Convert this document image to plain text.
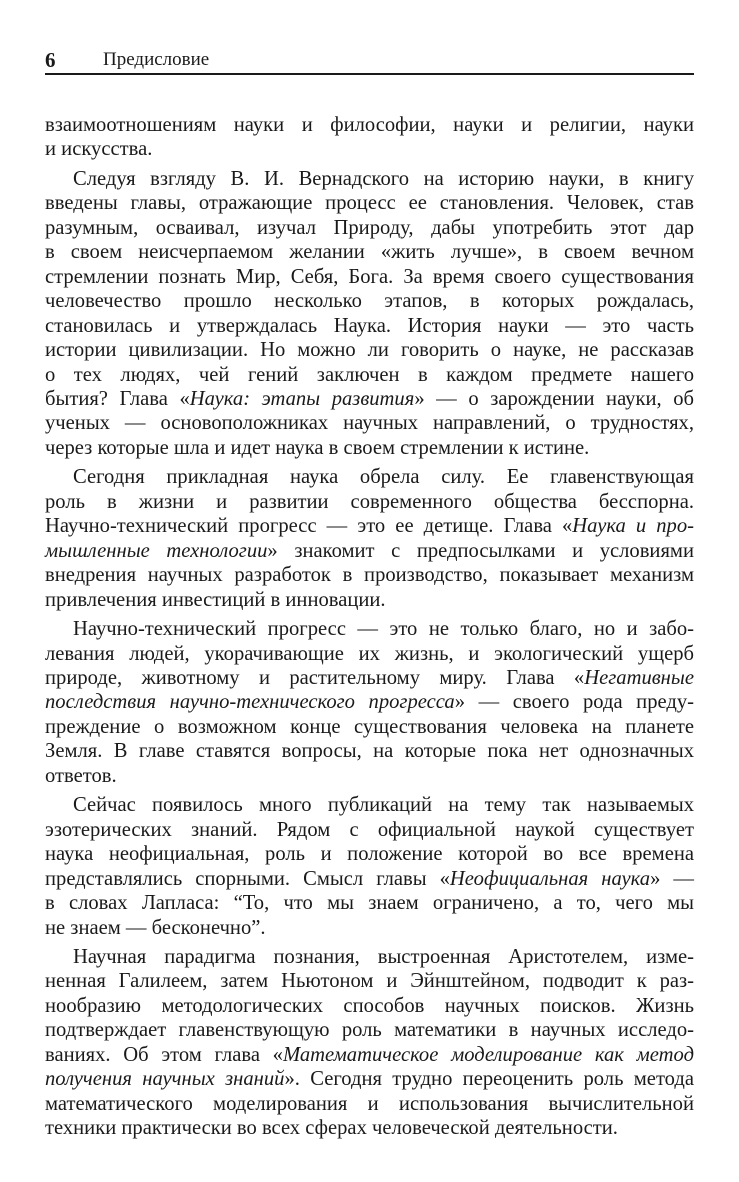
6	Предисловие
взаимоотношениям науки и философии, науки и религии, науки
и искусства.
Следуя взгляду В. И. Вернадского на историю науки, в книгу
введены главы, отражающие процесс ее становления. Человек, став
разумным, осваивал, изучал Природу, дабы употребить этот дар
в своем неисчерпаемом желании «жить лучше», в своем вечном
стремлении познать Мир, Себя, Бога. За время своего существования
человечество прошло несколько этапов, в которых рождалась,
становилась и утверждалась Наука. История науки — это часть
истории цивилизации. Но можно ли говорить о науке, не рассказав
о тех людях, чей гений заключен в каждом предмете нашего
бытия? Глава «Наука: этапы развития» — о зарождении науки, об
ученых — основоположниках научных направлений, о трудностях,
через которые шла и идет наука в своем стремлении к истине.
Сегодня прикладная наука обрела силу. Ее главенствующая
роль в жизни и развитии современного общества бесспорна.
Научно-технический прогресс — это ее детище. Глава «Наука и про-
мышленные технологии» знакомит с предпосылками и условиями
внедрения научных разработок в производство, показывает механизм
привлечения инвестиций в инновации.
Научно-технический прогресс — это не только благо, но и забо-
левания людей, укорачивающие их жизнь, и экологический ущерб
природе, животному и растительному миру. Глава «Негативные
последствия научно-технического прогресса» — своего рода преду-
преждение о возможном конце существования человека на планете
Земля. В главе ставятся вопросы, на которые пока нет однозначных
ответов.
Сейчас появилось много публикаций на тему так называемых
эзотерических знаний. Рядом с официальной наукой существует
наука неофициальная, роль и положение которой во все времена
представлялись спорными. Смысл главы «Неофициальная наука» —
в словах Лапласа: “То, что мы знаем ограничено, а то, чего мы
не знаем — бесконечно”.
Научная парадигма познания, выстроенная Аристотелем, изме-
ненная Галилеем, затем Ньютоном и Эйнштейном, подводит к раз-
нообразию методологических способов научных поисков. Жизнь
подтверждает главенствующую роль математики в научных исследо-
ваниях. Об этом глава «Математическое моделирование как метод
получения научных знаний». Сегодня трудно переоценить роль метода
математического моделирования и использования вычислительной
техники практически во всех сферах человеческой деятельности.
